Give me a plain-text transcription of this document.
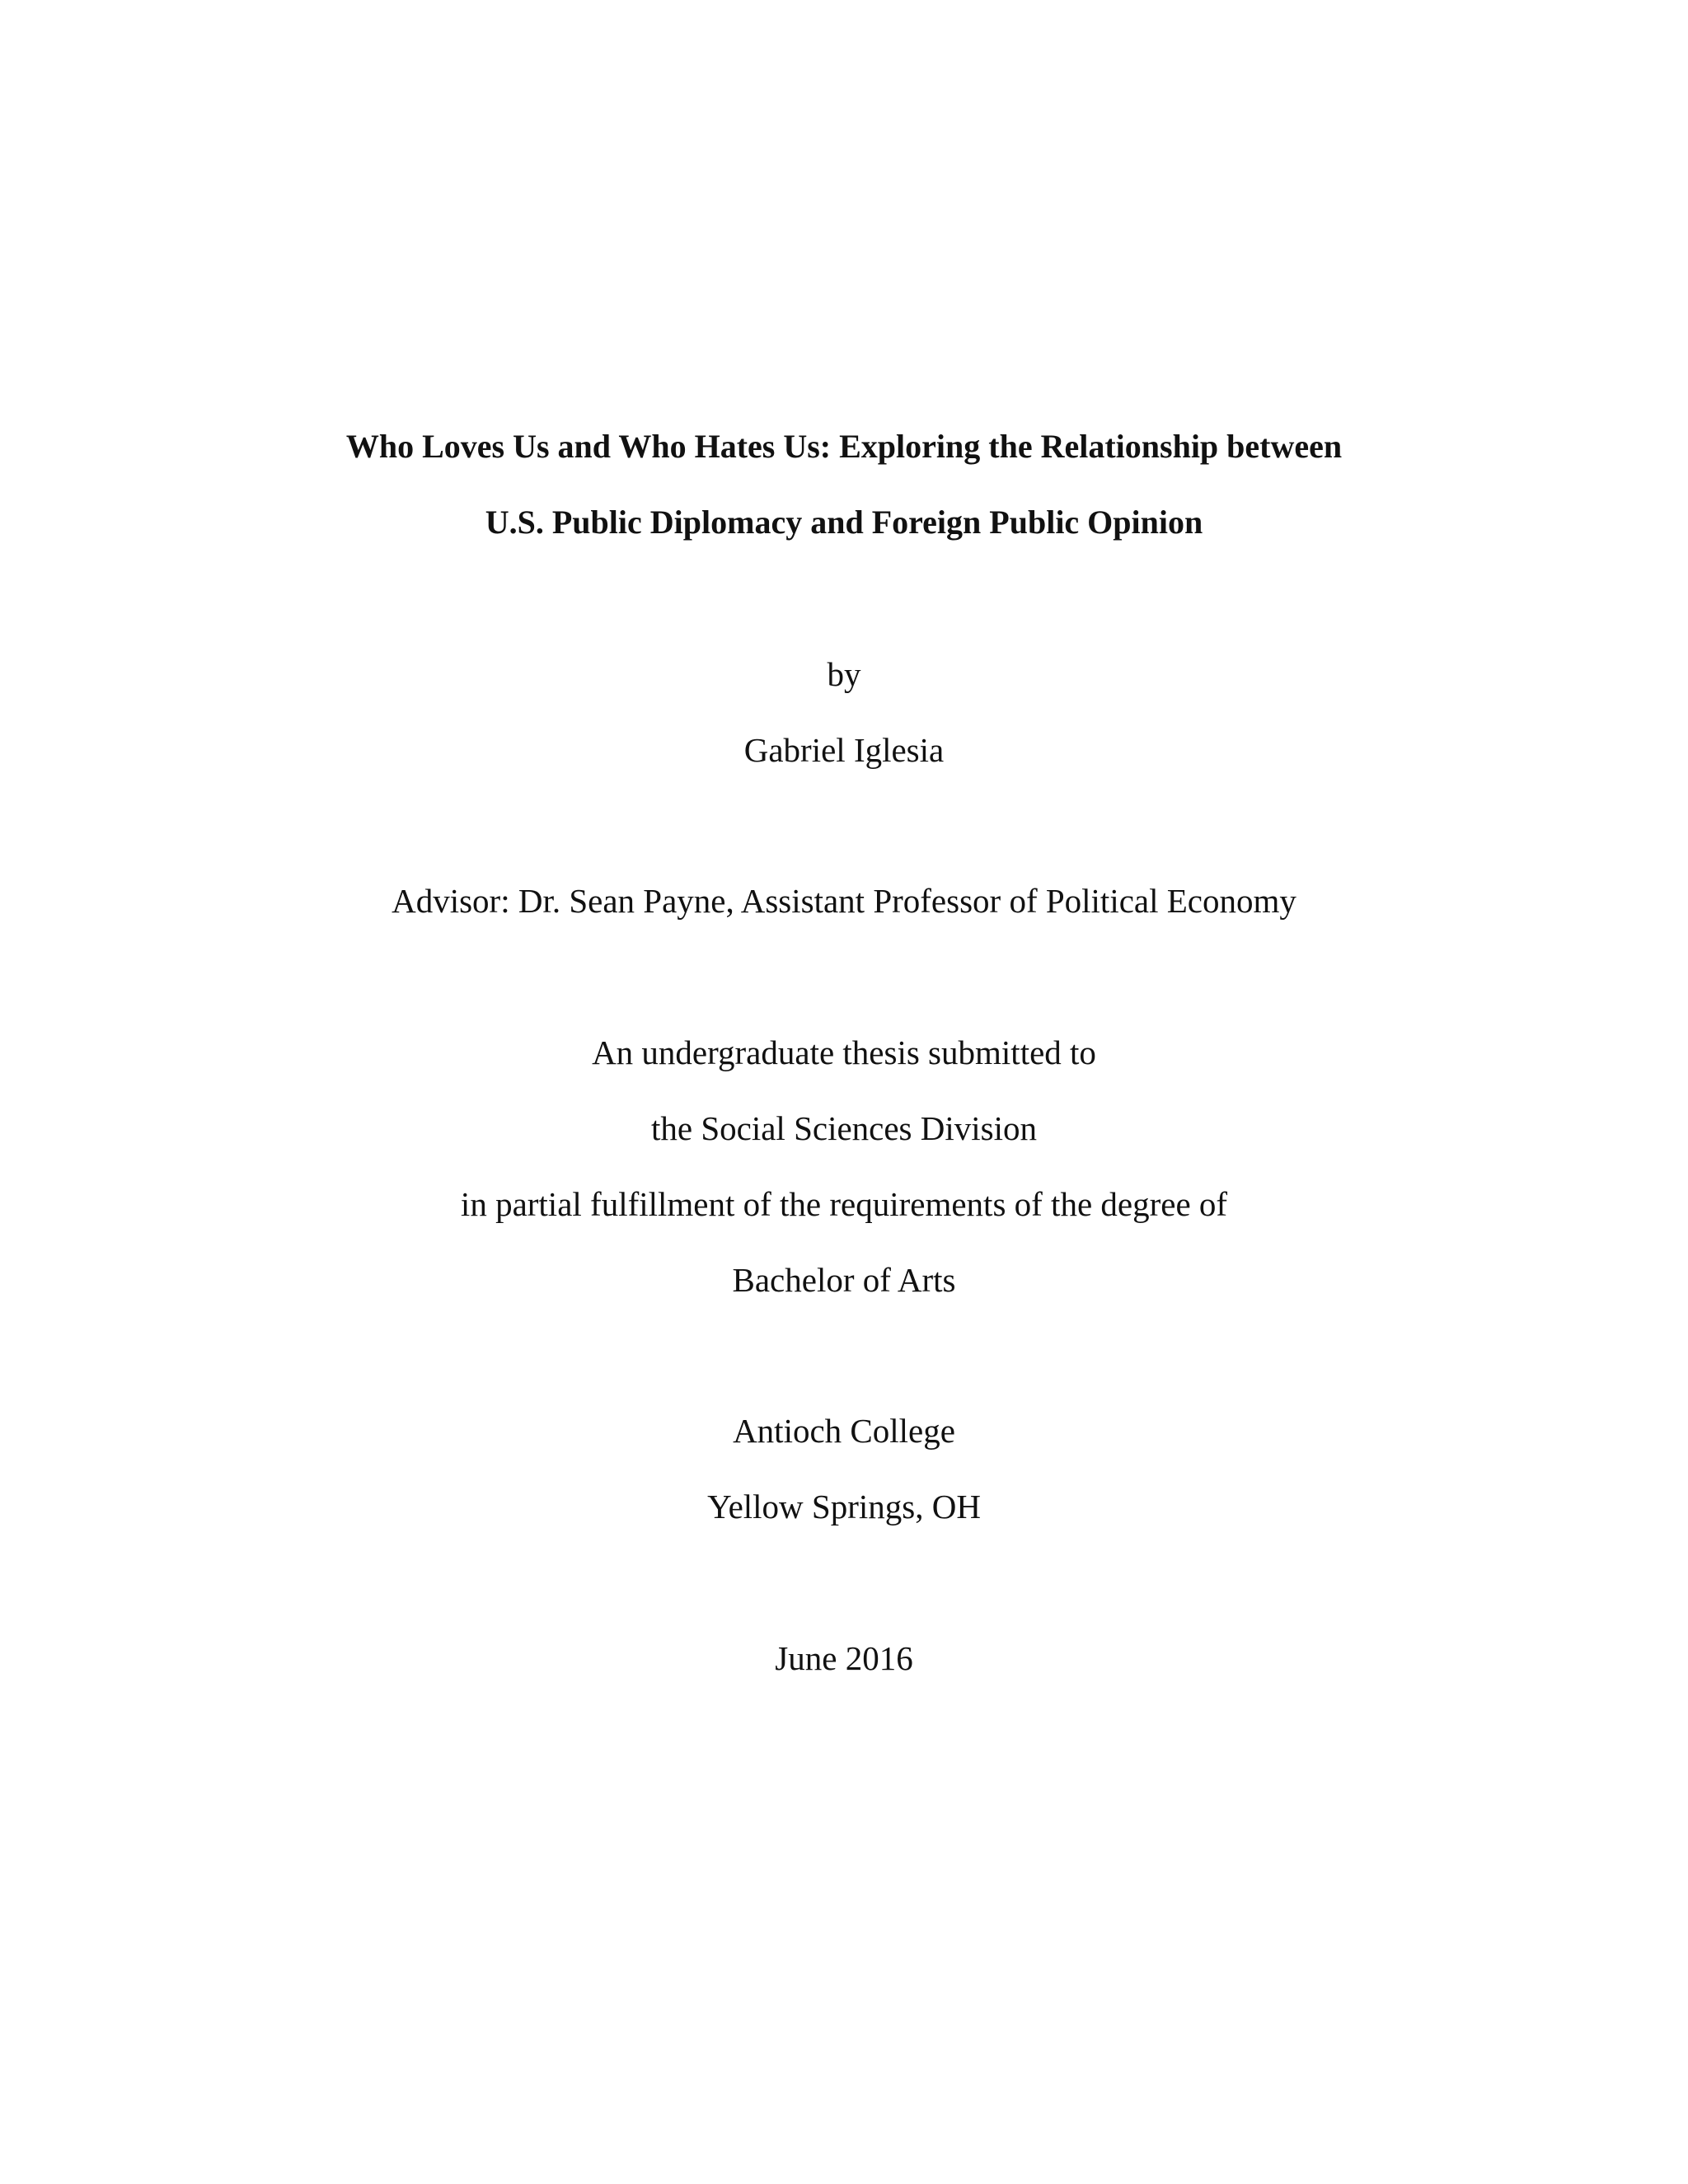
Who Loves Us and Who Hates Us: Exploring the Relationship between
U.S. Public Diplomacy and Foreign Public Opinion
by
Gabriel Iglesia
Advisor: Dr. Sean Payne, Assistant Professor of Political Economy
An undergraduate thesis submitted to
the Social Sciences Division
in partial fulfillment of the requirements of the degree of
Bachelor of Arts
Antioch College
Yellow Springs, OH
June 2016
